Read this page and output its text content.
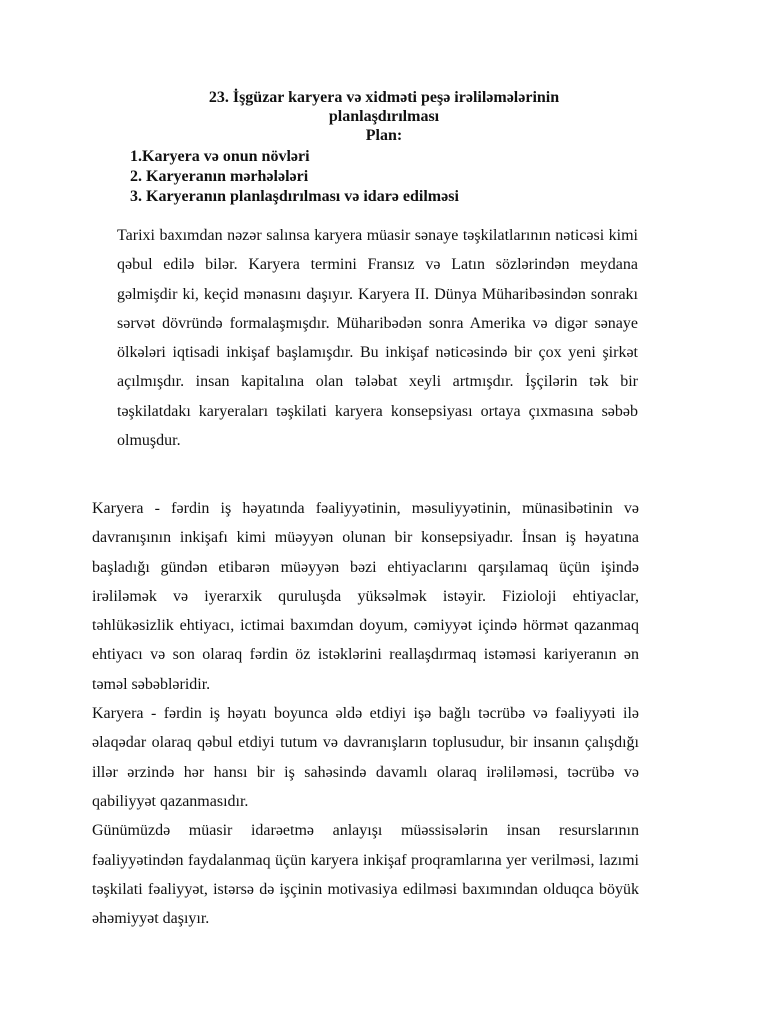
23. İşgüzar karyera və xidməti peşə irəliləmələrinin
planlaşdırılması
Plan:
1.Karyera və onun növləri
2. Karyeranın mərhələləri
3. Karyeranın planlaşdırılması və idarə edilməsi
Tarixi baxımdan nəzər salınsa karyera müasir sənaye təşkilatlarının nəticəsi kimi qəbul edilə bilər. Karyera termini Fransız və Latın sözlərindən meydana gəlmişdir ki, keçid mənasını daşıyır. Karyera II. Dünya Müharibəsindən sonrakı sərvət dövründə formalaşmışdır. Müharibədən sonra Amerika və digər sənaye ölkələri iqtisadi inkişaf başlamışdır. Bu inkişaf nəticəsində bir çox yeni şirkət açılmışdır. insan kapitalına olan tələbat xeyli artmışdır. İşçilərin tək bir təşkilatdakı karyeraları təşkilati karyera konsepsiyası ortaya çıxmasına səbəb olmuşdur.

Karyera - fərdin iş həyatında fəaliyyətinin, məsuliyyətinin, münasibətinin və davranışının inkişafı kimi müəyyən olunan bir konsepsiyadır. İnsan iş həyatına başladığı gündən etibarən müəyyən bəzi ehtiyaclarını qarşılamaq üçün işində irəliləmək və iyerarxik quruluşda yüksəlmək istəyir. Fizioloji ehtiyaclar, təhlükəsizlik ehtiyacı, ictimai baxımdan doyum, cəmiyyət içində hörmət qazanmaq ehtiyacı və son olaraq fərdin öz istəklərini reallaşdırmaq istəməsi kariyeranın ən təməl səbəbləridir.

Karyera - fərdin iş həyatı boyunca əldə etdiyi işə bağlı təcrübə və fəaliyyəti ilə əlaqədar olaraq qəbul etdiyi tutum və davranışların toplusudur, bir insanın çalışdığı illər ərzində hər hansı bir iş sahəsində davamlı olaraq irəliləməsi, təcrübə və qabiliyyət qazanmasıdır.

Günümüzdə müasir idarəetmə anlayışı müəssisələrin insan resurslarının fəaliyyətindən faydalanmaq üçün karyera inkişaf proqramlarına yer verilməsi, lazımi təşkilati fəaliyyət, istərsə də işçinin motivasiya edilməsi baxımından olduqca böyük əhəmiyyət daşıyır.
